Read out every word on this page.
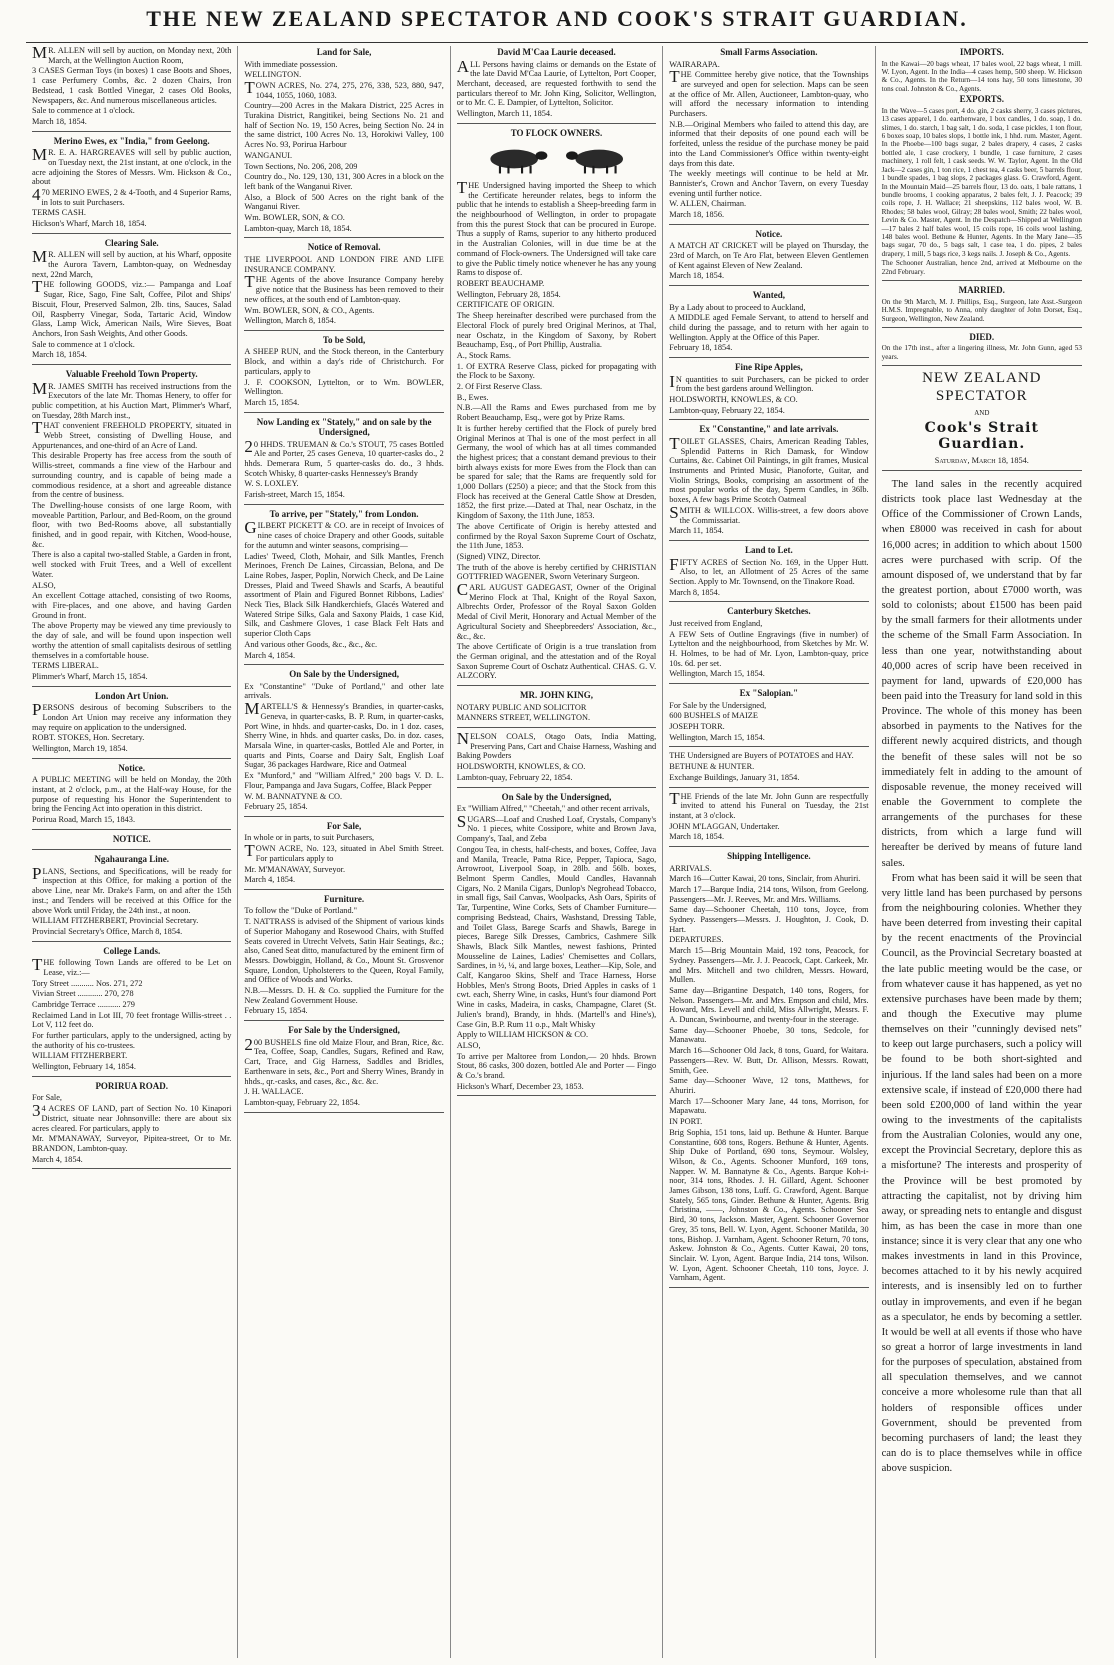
THE NEW ZEALAND SPECTATOR AND COOK'S STRAIT GUARDIAN.

MR. ALLEN will sell by auction, on Monday next, 20th March, at the Wellington Auction Room,

3 CASES German Toys (in boxes) 1 case Boots and Shoes, 1 case Perfumery Combs, &c. 2 dozen Chairs, Iron Bedstead, 1 cask Bottled Vinegar, 2 cases Old Books, Newspapers, &c. And numerous miscellaneous articles.

Sale to commence at 1 o'clock.

March 18, 1854.

Merino Ewes, ex "India," from Geelong.

MR. E. A. HARGREAVES will sell by public auction, on Tuesday next, the 21st instant, at one o'clock, in the acre adjoining the Stores of Messrs. Wm. Hickson & Co., about

470 MERINO EWES, 2 & 4-Tooth, and 4 Superior Rams, in lots to suit Purchasers.

TERMS CASH.

Hickson's Wharf, March 18, 1854.

Clearing Sale.

MR. ALLEN will sell by auction, at his Wharf, opposite the Aurora Tavern, Lambton-quay, on Wednesday next, 22nd March,

THE following GOODS, viz.:— Pampanga and Loaf Sugar, Rice, Sago, Fine Salt, Coffee, Pilot and Ships' Biscuit, Flour, Preserved Salmon, 2lb. tins, Sauces, Salad Oil, Raspberry Vinegar, Soda, Tartaric Acid, Window Glass, Lamp Wick, American Nails, Wire Sieves, Boat Anchors, Iron Sash Weights, And other Goods.

Sale to commence at 1 o'clock.

March 18, 1854.

Valuable Freehold Town Property.

MR. JAMES SMITH has received instructions from the Executors of the late Mr. Thomas Henery, to offer for public competition, at his Auction Mart, Plimmer's Wharf, on Tuesday, 28th March inst.,

THAT convenient FREEHOLD PROPERTY, situated in Webb Street, consisting of Dwelling House, and Appurtenances, and one-third of an Acre of Land.

This desirable Property has free access from the south of Willis-street, commands a fine view of the Harbour and surrounding country, and is capable of being made a commodious residence, at a short and agreeable distance from the centre of business.

The Dwelling-house consists of one large Room, with moveable Partition, Parlour, and Bed-Room, on the ground floor, with two Bed-Rooms above, all substantially finished, and in good repair, with Kitchen, Wood-house, &c.

There is also a capital two-stalled Stable, a Garden in front, well stocked with Fruit Trees, and a Well of excellent Water.

ALSO,

An excellent Cottage attached, consisting of two Rooms, with Fire-places, and one above, and having Garden Ground in front.

The above Property may be viewed any time previously to the day of sale, and will be found upon inspection well worthy the attention of small capitalists desirous of settling themselves in a comfortable house.

TERMS LIBERAL.

Plimmer's Wharf, March 15, 1854.

London Art Union.

PERSONS desirous of becoming Subscribers to the London Art Union may receive any information they may require on application to the undersigned.

ROBT. STOKES, Hon. Secretary.

Wellington, March 19, 1854.

Notice.

A PUBLIC MEETING will be held on Monday, the 20th instant, at 2 o'clock, p.m., at the Half-way House, for the purpose of requesting his Honor the Superintendent to bring the Fencing Act into operation in this district.

Porirua Road, March 15, 1843.

NOTICE.
Ngahauranga Line.

PLANS, Sections, and Specifications, will be ready for inspection at this Office, for making a portion of the above Line, near Mr. Drake's Farm, on and after the 15th inst.; and Tenders will be received at this Office for the above Work until Friday, the 24th inst., at noon.

WILLIAM FITZHERBERT, Provincial Secretary.

Provincial Secretary's Office, March 8, 1854.

College Lands.

THE following Town Lands are offered to be Let on Lease, viz.:—

Tory Street ........... Nos. 271, 272

Vivian Street ............ 270, 278

Cambridge Terrace ........... 279

Reclaimed Land in Lot III, 70 feet frontage Willis-street . . Lot V, 112 feet do.

For further particulars, apply to the undersigned, acting by the authority of his co-trustees.

WILLIAM FITZHERBERT.

Wellington, February 14, 1854.

PORIRUA ROAD.

For Sale,

34 ACRES OF LAND, part of Section No. 10 Kinapori District, situate near Johnsonville: there are about six acres cleared. For particulars, apply to

Mr. M'MANAWAY, Surveyor, Pipitea-street, Or to Mr. BRANDON, Lambton-quay.

March 4, 1854.

Land for Sale,

With immediate possession.

WELLINGTON.

TOWN ACRES, No. 274, 275, 276, 338, 523, 880, 947, 1044, 1055, 1060, 1083.

Country—200 Acres in the Makara District, 225 Acres in Turakina District, Rangitikei, being Sections No. 21 and half of Section No. 19, 150 Acres, being Section No. 24 in the same district, 100 Acres No. 13, Horokiwi Valley, 100 Acres No. 93, Porirua Harbour

WANGANUI.

Town Sections, No. 206, 208, 209

Country do., No. 129, 130, 131, 300 Acres in a block on the left bank of the Wanganui River.

Also, a Block of 500 Acres on the right bank of the Wanganui River.

Wm. BOWLER, SON, & CO.

Lambton-quay, March 18, 1854.

Notice of Removal.

THE LIVERPOOL AND LONDON FIRE AND LIFE INSURANCE COMPANY.

THE Agents of the above Insurance Company hereby give notice that the Business has been removed to their new offices, at the south end of Lambton-quay.

Wm. BOWLER, SON, & CO., Agents.

Wellington, March 8, 1854.

To be Sold,

A SHEEP RUN, and the Stock thereon, in the Canterbury Block, and within a day's ride of Christchurch. For particulars, apply to

J. F. COOKSON, Lyttelton, or to Wm. BOWLER, Wellington.

March 15, 1854.

Now Landing ex "Stately," and on sale by the Undersigned,

20 HHDS. TRUEMAN & Co.'s STOUT, 75 cases Bottled Ale and Porter, 25 cases Geneva, 10 quarter-casks do., 2 hhds. Demerara Rum, 5 quarter-casks do. do., 3 hhds. Scotch Whisky, 8 quarter-casks Hennessey's Brandy

W. S. LOXLEY.

Farish-street, March 15, 1854.

To arrive, per "Stately," from London.

GILBERT PICKETT & CO. are in receipt of Invoices of nine cases of choice Drapery and other Goods, suitable for the autumn and winter seasons, comprising—

Ladies' Tweed, Cloth, Mohair, and Silk Mantles, French Merinoes, French De Laines, Circassian, Belona, and De Laine Robes, Jasper, Poplin, Norwich Check, and De Laine Dresses, Plaid and Tweed Shawls and Scarfs, A beautiful assortment of Plain and Figured Bonnet Ribbons, Ladies' Neck Ties, Black Silk Handkerchiefs, Glacés Watered and Watered Stripe Silks, Gala and Saxony Plaids, 1 case Kid, Silk, and Cashmere Gloves, 1 case Black Felt Hats and superior Cloth Caps

And various other Goods, &c., &c., &c.

March 4, 1854.

On Sale by the Undersigned,

Ex "Constantine" "Duke of Portland," and other late arrivals.

MARTELL'S & Hennessy's Brandies, in quarter-casks, Geneva, in quarter-casks, B. P. Rum, in quarter-casks, Port Wine, in hhds. and quarter-casks, Do. in 1 doz. cases, Sherry Wine, in hhds. and quarter casks, Do. in doz. cases, Marsala Wine, in quarter-casks, Bottled Ale and Porter, in quarts and Pints, Coarse and Dairy Salt, English Loaf Sugar, 36 packages Hardware, Rice and Oatmeal

Ex "Munford," and "William Alfred," 200 bags V. D. L. Flour, Pampanga and Java Sugars, Coffee, Black Pepper

W. M. BANNATYNE & CO.

February 25, 1854.

For Sale,

In whole or in parts, to suit Purchasers,

TOWN ACRE, No. 123, situated in Abel Smith Street. For particulars apply to

Mr. M'MANAWAY, Surveyor.

March 4, 1854.

Furniture.

To follow the "Duke of Portland."

T. NATTRASS is advised of the Shipment of various kinds of Superior Mahogany and Rosewood Chairs, with Stuffed Seats covered in Utrecht Velvets, Satin Hair Seatings, &c.; also, Caned Seat ditto, manufactured by the eminent firm of Messrs. Dowbiggin, Holland, & Co., Mount St. Grosvenor Square, London, Upholsterers to the Queen, Royal Family, and Office of Woods and Works.

N.B.—Messrs. D. H. & Co. supplied the Furniture for the New Zealand Government House.

February 15, 1854.

For Sale by the Undersigned,

200 BUSHELS fine old Maize Flour, and Bran, Rice, &c. Tea, Coffee, Soap, Candles, Sugars, Refined and Raw, Cart, Trace, and Gig Harness, Saddles and Bridles, Earthenware in sets, &c., Port and Sherry Wines, Brandy in hhds., qr.-casks, and cases, &c., &c. &c.

J. H. WALLACE.

Lambton-quay, February 22, 1854.

David M'Caa Laurie deceased.

ALL Persons having claims or demands on the Estate of the late David M'Caa Laurie, of Lyttelton, Port Cooper, Merchant, deceased, are requested forthwith to send the particulars thereof to Mr. John King, Solicitor, Wellington, or to Mr. C. E. Dampier, of Lyttelton, Solicitor.

Wellington, March 11, 1854.

TO FLOCK OWNERS.

THE Undersigned having imported the Sheep to which the Certificate hereunder relates, begs to inform the public that he intends to establish a Sheep-breeding farm in the neighbourhood of Wellington, in order to propagate from this the purest Stock that can be procured in Europe. Thus a supply of Rams, superior to any hitherto produced in the Australian Colonies, will in due time be at the command of Flock-owners. The Undersigned will take care to give the Public timely notice whenever he has any young Rams to dispose of.

ROBERT BEAUCHAMP.

Wellington, February 28, 1854.

CERTIFICATE OF ORIGIN.

The Sheep hereinafter described were purchased from the Electoral Flock of purely bred Original Merinos, at Thal, near Oschatz, in the Kingdom of Saxony, by Robert Beauchamp, Esq., of Port Phillip, Australia.

A., Stock Rams.

1. Of EXTRA Reserve Class, picked for propagating with the Flock to be Saxony.

2. Of First Reserve Class.

B., Ewes.

N.B.—All the Rams and Ewes purchased from me by Robert Beauchamp, Esq., were got by Prize Rams.

It is further hereby certified that the Flock of purely bred Original Merinos at Thal is one of the most perfect in all Germany, the wool of which has at all times commanded the highest prices; that a constant demand previous to their birth always exists for more Ewes from the Flock than can be spared for sale; that the Rams are frequently sold for 1,000 Dollars (£250) a piece; and that the Stock from this Flock has received at the General Cattle Show at Dresden, 1852, the first prize.—Dated at Thal, near Oschatz, in the Kingdom of Saxony, the 11th June, 1853.

The above Certificate of Origin is hereby attested and confirmed by the Royal Saxon Supreme Court of Oschatz, the 11th June, 1853.

(Signed) VINZ, Director.

The truth of the above is hereby certified by CHRISTIAN GOTTFRIED WAGENER, Sworn Veterinary Surgeon.

CARL AUGUST GADEGAST, Owner of the Original Merino Flock at Thal, Knight of the Royal Saxon, Albrechts Order, Professor of the Royal Saxon Golden Medal of Civil Merit, Honorary and Actual Member of the Agricultural Society and Sheepbreeders' Association, &c., &c., &c.

The above Certificate of Origin is a true translation from the German original, and the attestation and of the Royal Saxon Supreme Court of Oschatz Authentical. CHAS. G. V. ALZCORY.

MR. JOHN KING,

NOTARY PUBLIC AND SOLICITOR

MANNERS STREET, WELLINGTON.

NELSON COALS, Otago Oats, India Matting, Preserving Pans, Cart and Chaise Harness, Washing and Baking Powders

HOLDSWORTH, KNOWLES, & CO.

Lambton-quay, February 22, 1854.

On Sale by the Undersigned,

Ex "William Alfred," "Cheetah," and other recent arrivals,

SUGARS—Loaf and Crushed Loaf, Crystals, Company's No. 1 pieces, white Cossipore, white and Brown Java, Company's, Taal, and Zeba

Congou Tea, in chests, half-chests, and boxes, Coffee, Java and Manila, Treacle, Patna Rice, Pepper, Tapioca, Sago, Arrowroot, Liverpool Soap, in 28lb. and 56lb. boxes, Belmont Sperm Candles, Mould Candles, Havannah Cigars, No. 2 Manila Cigars, Dunlop's Negrohead Tobacco, in small figs, Sail Canvas, Woolpacks, Ash Oars, Spirits of Tar, Turpentine, Wine Corks, Sets of Chamber Furniture—comprising Bedstead, Chairs, Washstand, Dressing Table, and Toilet Glass, Barege Scarfs and Shawls, Barege in pieces, Barege Silk Dresses, Cambrics, Cashmere Silk Shawls, Black Silk Mantles, newest fashions, Printed Mousseline de Laines, Ladies' Chemisettes and Collars, Sardines, in ½, ¼, and large boxes, Leather—Kip, Sole, and Calf, Kangaroo Skins, Shelf and Trace Harness, Horse Hobbles, Men's Strong Boots, Dried Apples in casks of 1 cwt. each, Sherry Wine, in casks, Hunt's four diamond Port Wine in casks, Madeira, in casks, Champagne, Claret (St. Julien's brand), Brandy, in hhds. (Martell's and Hine's), Case Gin, B.P. Rum 11 o.p., Malt Whisky

Apply to WILLIAM HICKSON & CO.

ALSO,

To arrive per Maltoree from London,— 20 hhds. Brown Stout, 86 casks, 300 dozen, bottled Ale and Porter — Fingo & Co.'s brand.

Hickson's Wharf, December 23, 1853.

Small Farms Association.

WAIRARAPA.

THE Committee hereby give notice, that the Townships are surveyed and open for selection. Maps can be seen at the office of Mr. Allen, Auctioneer, Lambton-quay, who will afford the necessary information to intending Purchasers.

N.B.—Original Members who failed to attend this day, are informed that their deposits of one pound each will be forfeited, unless the residue of the purchase money be paid into the Land Commissioner's Office within twenty-eight days from this date.

The weekly meetings will continue to be held at Mr. Bannister's, Crown and Anchor Tavern, on every Tuesday evening until further notice.

W. ALLEN, Chairman.

March 18, 1856.

Notice.

A MATCH AT CRICKET will be played on Thursday, the 23rd of March, on Te Aro Flat, between Eleven Gentlemen of Kent against Eleven of New Zealand.

March 18, 1854.

Wanted,

By a Lady about to proceed to Auckland,

A MIDDLE aged Female Servant, to attend to herself and child during the passage, and to return with her again to Wellington. Apply at the Office of this Paper.

February 18, 1854.

Fine Ripe Apples,

IN quantities to suit Purchasers, can be picked to order from the best gardens around Wellington.

HOLDSWORTH, KNOWLES, & CO.

Lambton-quay, February 22, 1854.

Ex "Constantine," and late arrivals.

TOILET GLASSES, Chairs, American Reading Tables, Splendid Patterns in Rich Damask, for Window Curtains, &c. Cabinet Oil Paintings, in gilt frames, Musical Instruments and Printed Music, Pianoforte, Guitar, and Violin Strings, Books, comprising an assortment of the most popular works of the day, Sperm Candles, in 36lb. boxes, A few bags Prime Scotch Oatmeal

SMITH & WILLCOX. Willis-street, a few doors above the Commissariat.

March 11, 1854.

Land to Let.

FIFTY ACRES of Section No. 169, in the Upper Hutt. Also, to let, an Allotment of 25 Acres of the same Section. Apply to Mr. Townsend, on the Tinakore Road.

March 8, 1854.

Canterbury Sketches.

Just received from England,

A FEW Sets of Outline Engravings (five in number) of Lyttelton and the neighbourhood, from Sketches by Mr. W. H. Holmes, to be had of Mr. Lyon, Lambton-quay, price 10s. 6d. per set.

Wellington, March 15, 1854.

Ex "Salopian."

For Sale by the Undersigned,

600 BUSHELS of MAIZE

JOSEPH TORR.

Wellington, March 15, 1854.

THE Undersigned are Buyers of POTATOES and HAY.

BETHUNE & HUNTER.

Exchange Buildings, January 31, 1854.

THE Friends of the late Mr. John Gunn are respectfully invited to attend his Funeral on Tuesday, the 21st instant, at 3 o'clock.

JOHN M'LAGGAN, Undertaker.

March 18, 1854.

Shipping Intelligence.

ARRIVALS.

March 16—Cutter Kawai, 20 tons, Sinclair, from Ahuriri.

March 17—Barque India, 214 tons, Wilson, from Geelong. Passengers—Mr. J. Reeves, Mr. and Mrs. Williams.

Same day—Schooner Cheetah, 110 tons, Joyce, from Sydney. Passengers—Messrs. J. Houghton, J. Cook, D. Hart.

DEPARTURES.

March 15—Brig Mountain Maid, 192 tons, Peacock, for Sydney. Passengers—Mr. J. J. Peacock, Capt. Carkeek, Mr. and Mrs. Mitchell and two children, Messrs. Howard, Mullen.

Same day—Brigantine Despatch, 140 tons, Rogers, for Nelson. Passengers—Mr. and Mrs. Empson and child, Mrs. Howard, Mrs. Levell and child, Miss Allwright, Messrs. F. A. Duncan, Swinbourne, and twenty-four in the steerage.

Same day—Schooner Phoebe, 30 tons, Sedcole, for Manawatu.

March 16—Schooner Old Jack, 8 tons, Guard, for Waitara. Passengers—Rev. W. Butt, Dr. Allison, Messrs. Rowatt, Smith, Gee.

Same day—Schooner Wave, 12 tons, Matthews, for Ahuriri.

March 17—Schooner Mary Jane, 44 tons, Morrison, for Mapawatu.

IN PORT.

Brig Sophia, 151 tons, laid up. Bethune & Hunter. Barque Constantine, 608 tons, Rogers. Bethune & Hunter, Agents. Ship Duke of Portland, 690 tons, Seymour. Wolsley, Wilson, & Co., Agents. Schooner Munford, 169 tons, Napper. W. M. Bannatyne & Co., Agents. Barque Koh-i-noor, 314 tons, Rhodes. J. H. Gillard, Agent. Schooner James Gibson, 138 tons, Luff. G. Crawford, Agent. Barque Stately, 565 tons, Ginder. Bethune & Hunter, Agents. Brig Christina, ——, Johnston & Co., Agents. Schooner Sea Bird, 30 tons, Jackson. Master, Agent. Schooner Governor Grey, 35 tons, Bell. W. Lyon, Agent. Schooner Matilda, 30 tons, Bishop. J. Varnham, Agent. Schooner Return, 70 tons, Askew. Johnston & Co., Agents. Cutter Kawai, 20 tons, Sinclair. W. Lyon, Agent. Barque India, 214 tons, Wilson. W. Lyon, Agent. Schooner Cheetah, 110 tons, Joyce. J. Varnham, Agent.

IMPORTS.

In the Kawai—20 bags wheat, 17 bales wool, 22 bags wheat, 1 mill. W. Lyon, Agent. In the India—4 cases hemp, 500 sheep. W. Hickson & Co., Agents. In the Return—14 tons hay, 50 tons limestone, 30 tons coal. Johnston & Co., Agents.

EXPORTS.

In the Wave—5 cases port, 4 do. gin, 2 casks sherry, 3 cases pictures, 13 cases apparel, 1 do. earthenware, 1 box candles, 1 do. soap, 1 do. slimes, 1 do. starch, 1 bag salt, 1 do. soda, 1 case pickles, 1 ton flour, 6 boxes soap, 10 bales slops, 1 bottle ink, 1 hhd. rum. Master, Agent. In the Phoebe—100 bags sugar, 2 bales drapery, 4 cases, 2 casks bottled ale, 1 case crockery, 1 bundle, 1 case furniture, 2 cases machinery, 1 roll felt, 1 cask seeds. W. W. Taylor, Agent. In the Old Jack—2 cases gin, 1 ton rice, 1 chest tea, 4 casks beer, 5 barrels flour, 1 bundle spades, 1 bag slops, 2 packages glass. G. Crawford, Agent. In the Mountain Maid—25 barrels flour, 13 do. oats, 1 bale rattans, 1 bundle brooms, 1 cooking apparatus, 2 bales felt, J. J. Peacock; 39 coils rope, J. H. Wallace; 21 sheepskins, 112 bales wool, W. B. Rhodes; 58 bales wool, Gilray; 28 bales wool, Smith; 22 bales wool, Levin & Co. Master, Agent. In the Despatch—Shipped at Wellington—17 bales 2 half bales wool, 15 coils rope, 16 coils wool lashing, 148 bales wool. Bethune & Hunter, Agents. In the Mary Jane—35 bags sugar, 70 do., 5 bags salt, 1 case tea, 1 do. pipes, 2 bales drapery, 1 mill, 5 bags rice, 3 kegs nails. J. Joseph & Co., Agents.

The Schooner Australian, hence 2nd, arrived at Melbourne on the 22nd February.

MARRIED.

On the 9th March, M. J. Phillips, Esq., Surgeon, late Asst.-Surgeon H.M.S. Impregnable, to Anna, only daughter of John Dorset, Esq., Surgeon, Wellington, New Zealand.

DIED.

On the 17th inst., after a lingering illness, Mr. John Gunn, aged 53 years.

NEW ZEALAND SPECTATOR
AND
Cook's Strait Guardian.
Saturday, March 18, 1854.

The land sales in the recently acquired districts took place last Wednesday at the Office of the Commissioner of Crown Lands, when £8000 was received in cash for about 16,000 acres; in addition to which about 1500 acres were purchased with scrip. Of the amount disposed of, we understand that by far the greatest portion, about £7000 worth, was sold to colonists; about £1500 has been paid by the small farmers for their allotments under the scheme of the Small Farm Association. In less than one year, notwithstanding about 40,000 acres of scrip have been received in payment for land, upwards of £20,000 has been paid into the Treasury for land sold in this Province. The whole of this money has been absorbed in payments to the Natives for the different newly acquired districts, and though the benefit of these sales will not be so immediately felt in adding to the amount of disposable revenue, the money received will enable the Government to complete the arrangements of the purchases for these districts, from which a large fund will hereafter be derived by means of future land sales.

From what has been said it will be seen that very little land has been purchased by persons from the neighbouring colonies. Whether they have been deterred from investing their capital by the recent enactments of the Provincial Council, as the Provincial Secretary boasted at the late public meeting would be the case, or from whatever cause it has happened, as yet no extensive purchases have been made by them; and though the Executive may plume themselves on their "cunningly devised nets" to keep out large purchasers, such a policy will be found to be both short-sighted and injurious. If the land sales had been on a more extensive scale, if instead of £20,000 there had been sold £200,000 of land within the year owing to the investments of the capitalists from the Australian Colonies, would any one, except the Provincial Secretary, deplore this as a misfortune? The interests and prosperity of the Province will be best promoted by attracting the capitalist, not by driving him away, or spreading nets to entangle and disgust him, as has been the case in more than one instance; since it is very clear that any one who makes investments in land in this Province, becomes attached to it by his newly acquired interests, and is insensibly led on to further outlay in improvements, and even if he began as a speculator, he ends by becoming a settler. It would be well at all events if those who have so great a horror of large investments in land for the purposes of speculation, abstained from all speculation themselves, and we cannot conceive a more wholesome rule than that all holders of responsible offices under Government, should be prevented from becoming purchasers of land; the least they can do is to place themselves while in office above suspicion.
